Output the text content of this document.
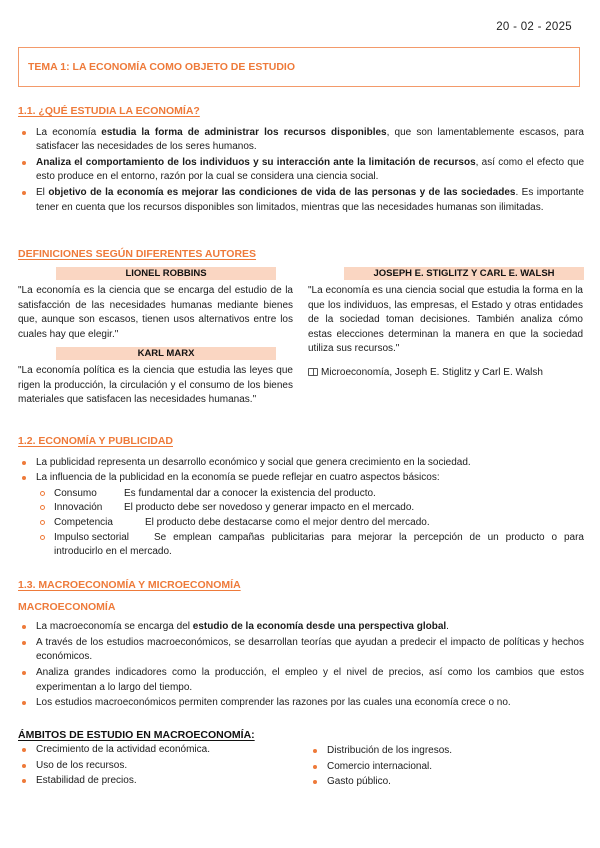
20 - 02 - 2025
TEMA 1: LA ECONOMÍA COMO OBJETO DE ESTUDIO
1.1. ¿QUÉ ESTUDIA LA ECONOMÍA?
La economía estudia la forma de administrar los recursos disponibles, que son lamentablemente escasos, para satisfacer las necesidades de los seres humanos.
Analiza el comportamiento de los individuos y su interacción ante la limitación de recursos, así como el efecto que esto produce en el entorno, razón por la cual se considera una ciencia social.
El objetivo de la economía es mejorar las condiciones de vida de las personas y de las sociedades. Es importante tener en cuenta que los recursos disponibles son limitados, mientras que las necesidades humanas son ilimitadas.
DEFINICIONES SEGÚN DIFERENTES AUTORES
LIONEL ROBBINS
"La economía es la ciencia que se encarga del estudio de la satisfacción de las necesidades humanas mediante bienes que, aunque son escasos, tienen usos alternativos entre los cuales hay que elegir."
KARL MARX
"La economía política es la ciencia que estudia las leyes que rigen la producción, la circulación y el consumo de los bienes materiales que satisfacen las necesidades humanas."
JOSEPH E. STIGLITZ Y CARL E. WALSH
"La economía es una ciencia social que estudia la forma en la que los individuos, las empresas, el Estado y otras entidades de la sociedad toman decisiones. También analiza cómo estas elecciones determinan la manera en que la sociedad utiliza sus recursos."
Microeconomía, Joseph E. Stiglitz y Carl E. Walsh
1.2. ECONOMÍA Y PUBLICIDAD
La publicidad representa un desarrollo económico y social que genera crecimiento en la sociedad.
La influencia de la publicidad en la economía se puede reflejar en cuatro aspectos básicos:
Consumo	Es fundamental dar a conocer la existencia del producto.
Innovación El producto debe ser novedoso y generar impacto en el mercado.
Competencia	El producto debe destacarse como el mejor dentro del mercado.
Impulso sectorial Se emplean campañas publicitarias para mejorar la percepción de un producto o para introducirlo en el mercado.
1.3. MACROECONOMÍA Y MICROECONOMÍA
MACROECONOMÍA
La macroeconomía se encarga del estudio de la economía desde una perspectiva global.
A través de los estudios macroeconómicos, se desarrollan teorías que ayudan a predecir el impacto de políticas y hechos económicos.
Analiza grandes indicadores como la producción, el empleo y el nivel de precios, así como los cambios que estos experimentan a lo largo del tiempo.
Los estudios macroeconómicos permiten comprender las razones por las cuales una economía crece o no.
ÁMBITOS DE ESTUDIO EN MACROECONOMÍA:
Crecimiento de la actividad económica.
Uso de los recursos.
Estabilidad de precios.
Distribución de los ingresos.
Comercio internacional.
Gasto público.
